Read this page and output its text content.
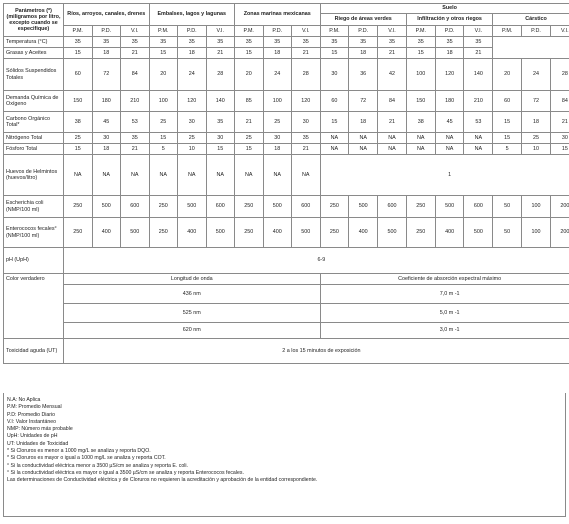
Parámetros (*) (miligramos por litro, excepto cuando se especifique)	Ríos, arroyos, canales, drenes			Embalses, lagos y lagunas			Zonas marinas mexicanas			Suelo								
										Riego de áreas verdes			Infiltración y otros riegos			Cárstico		
	P.M.	P.D.	V.I.	P.M.	P.D.	V.I.	P.M.	P.D.	V.I.	P.M.	P.D.	V.I.	P.M.	P.D.	V.I.	P.M.	P.D.	V.I.
Temperatura (°C)	35	35	35	35	35	35	35	35	35	35	35	35	35	35	35			
Grasas y Aceites	15	18	21	15	18	21	15	18	21	15	18	21	15	18	21			
Sólidos Suspendidos Totales	60	72	84	20	24	28	20	24	28	30	36	42	100	120	140	20	24	28
Demanda Química de Oxígeno	150	180	210	100	120	140	85	100	120	60	72	84	150	180	210	60	72	84
Carbono Orgánico Total*	38	45	53	25	30	35	21	25	30	15	18	21	38	45	53	15	18	21
Nitrógeno Total	25	30	35	15	25	30	25	30	35	NA	NA	NA	NA	NA	NA	15	25	30
Fósforo Total	15	18	21	5	10	15	15	18	21	NA	NA	NA	NA	NA	NA	5	10	15
Huevos de Helmintos (huevos/litro)	NA	NA	NA	NA	NA	NA	NA	NA	NA	1								
Escherichia coli (NMP/100 ml)	250	500	600	250	500	600	250	500	600	250	500	600	250	500	600	50	100	200
Enterococos fecales° (NMP/100 ml)	250	400	500	250	400	500	250	400	500	250	400	500	250	400	500	50	100	200
pH (UpH)	6-9																	
Color verdadero	Longitud de onda									Coeficiente de absorción espectral máximo								
	436 nm									7,0 m -1								
	525 nm									5,0 m -1								
	620 nm									3,0 m -1								
Toxicidad aguda (UT)	2 a los 15 minutos de exposición																	
N.A: No Aplica
P.M: Promedio Mensual
P.D: Promedio Diario
V.I: Valor Instantáneo
NMP: Número más probable
UpH: Unidades de pH
UT: Unidades de Toxicidad
* Si Cloruros es menor a 1000 mg/L se analiza y reporta DQO.
* Si Cloruros es mayor o igual a 1000 mg/L se analiza y reporta COT.
° Si la conductividad eléctrica menor a 3500 µS/cm se analiza y reporta E. coli.
° Si la conductividad eléctrica es mayor o igual a 3500 µS/cm se analiza y reporta Enterococos fecales.
Las determinaciones de Conductividad eléctrica y de Cloruros no requieren la acreditación y aprobación de la entidad correspondiente.
